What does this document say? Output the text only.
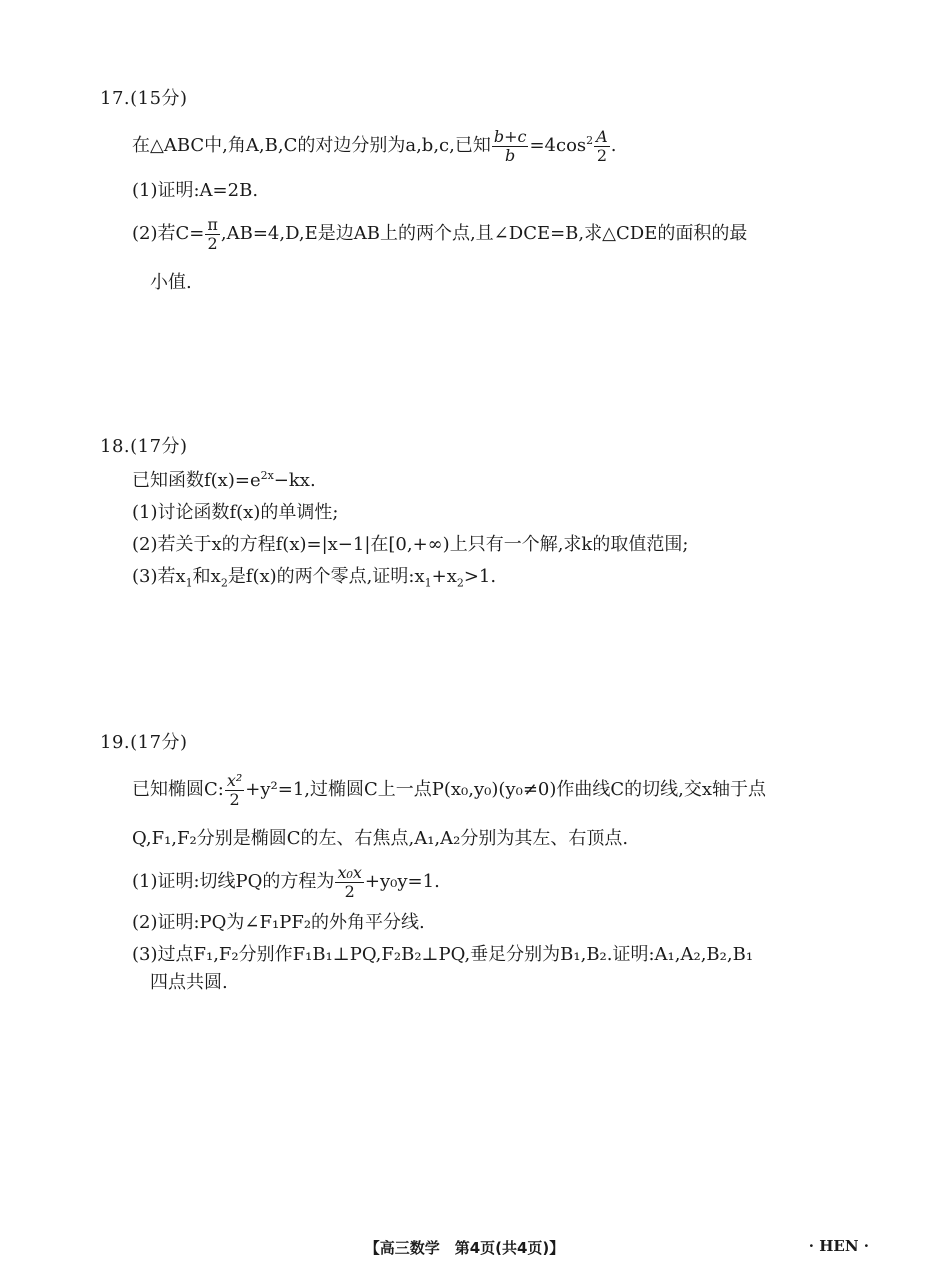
17.(15分)
在△ABC中,角A,B,C的对边分别为a,b,c,已知 $\frac{b+c}{b} =4\cos^2 \frac{A}{2}$ .
(1)证明:A=2B.
(2)若$C= \frac{\pi}{2} ,AB=4,D,E$是边AB上的两个点,且∠DCE=B,求△CDE的面积的最
小值.
18.(17分)
已知函数$f(x)=e^{2x}-kx$.
(1)讨论函数f(x)的单调性;
(2)若关于x的方程f(x)=|x−1|在[0,+∞)上只有一个解,求k的取值范围;
(3)若$x_1$和$x_2$是f(x)的两个零点,证明$:x_1+x_2>1$.
19.(17分)
已知椭圆C: $\frac{\text{x²}}{2} +y^2=1$,过椭圆C上一点P(x₀,y₀)(y₀≠0)作曲线C的切线,交x轴于点
Q,F₁,F₂分别是椭圆C的左、右焦点,A₁,A₂分别为其左、右顶点.
(1)证明:切线PQ的方程为 $\frac{\text{x₀x}}{2} +y_0y=1$.
(2)证明:PQ为∠F₁PF₂的外角平分线.
(3)过点F₁,F₂分别作F₁B₁⊥PQ,F₂B₂⊥PQ,垂足分别为B₁,B₂.证明:A₁,A₂,B₂,B₁
四点共圆.
【高三数学　第4页(共4页)】	· HEN ·
